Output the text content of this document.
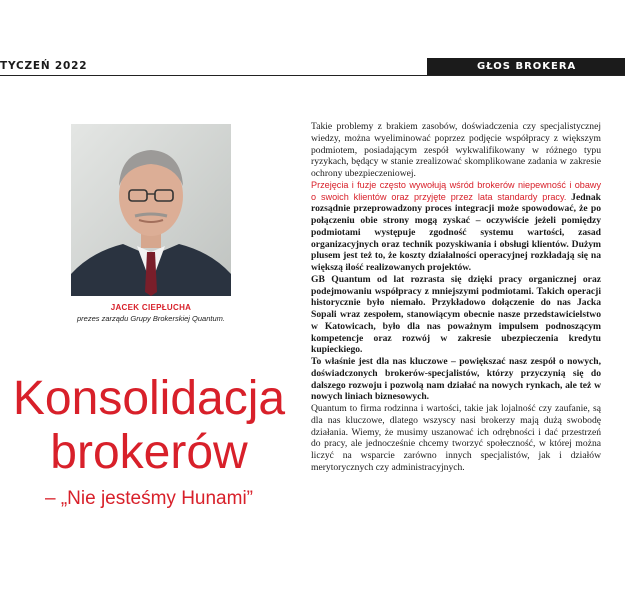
TYCZEŃ 2022	GŁOS BROKERA
JACEK CIEPŁUCHA
prezes zarządu Grupy Brokerskiej Quantum.
Konsolidacja
brokerów
– „Nie jesteśmy Hunami”

Takie problemy z brakiem zasobów, doświadczenia czy specjalistycznej wiedzy, można wyeliminować poprzez podjęcie współpracy z większym podmiotem, posiadającym zespół wykwalifikowany w różnego typu ryzykach, będący w stanie zrealizować skomplikowane zadania w zakresie ochrony ubezpieczeniowej.

Przejęcia i fuzje często wywołują wśród brokerów niepewność i obawy o swoich klientów oraz przyjęte przez lata standardy pracy. Jednak rozsądnie przeprowadzony proces integracji może spowodować, że po połączeniu obie strony mogą zyskać – oczywiście jeżeli pomiędzy podmiotami występuje zgodność systemu wartości, zasad organizacyjnych oraz technik pozyskiwania i obsługi klientów. Dużym plusem jest też to, że koszty działalności operacyjnej rozkładają się na większą ilość realizowanych projektów.

GB Quantum od lat rozrasta się dzięki pracy organicznej oraz podejmowaniu współpracy z mniejszymi podmiotami. Takich operacji historycznie było niemało. Przykładowo dołączenie do nas Jacka Sopali wraz zespołem, stanowiącym obecnie nasze przedstawicielstwo w Katowicach, było dla nas poważnym impulsem podnoszącym kompetencje oraz rozwój w zakresie ubezpieczenia kredytu kupieckiego.

To właśnie jest dla nas kluczowe – powiększać nasz zespół o nowych, doświadczonych brokerów-specjalistów, którzy przyczynią się do dalszego rozwoju i pozwolą nam działać na nowych rynkach, ale też w nowych liniach biznesowych.

Quantum to firma rodzinna i wartości, takie jak lojalność czy zaufanie, są dla nas kluczowe, dlatego wszyscy nasi brokerzy mają dużą swobodę działania. Wiemy, że musimy uszanować ich odrębności i dać przestrzeń do pracy, ale jednocześnie chcemy tworzyć społeczność, w której można liczyć na wsparcie zarówno innych specjalistów, jak i działów merytorycznych czy administracyjnych.
